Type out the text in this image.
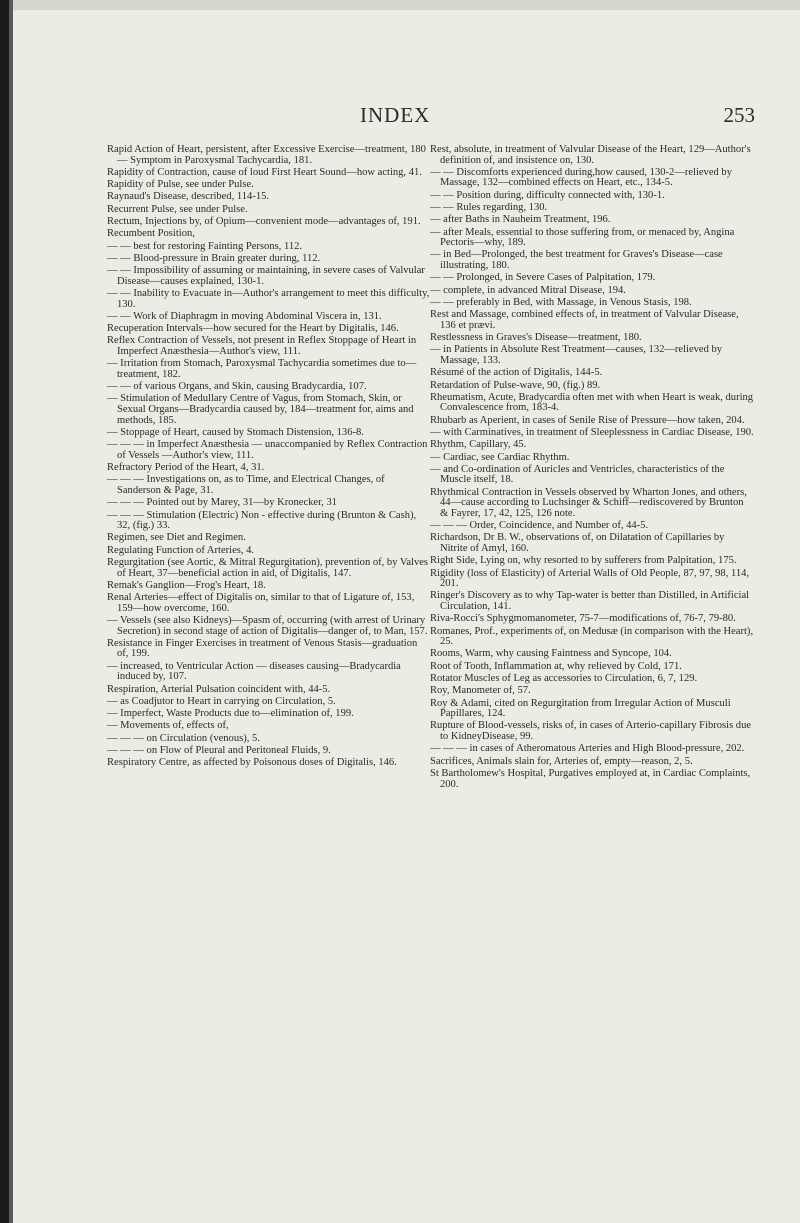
INDEX	253

Rapid Action of Heart, persistent, after Excessive Exercise—treatment, 180 — Symptom in Paroxysmal Tachycardia, 181.

Rapidity of Contraction, cause of loud First Heart Sound—how acting, 41.

Rapidity of Pulse, see under Pulse.

Raynaud's Disease, described, 114-15.

Recurrent Pulse, see under Pulse.

Rectum, Injections by, of Opium—convenient mode—advantages of, 191.

Recumbent Position,

— — best for restoring Fainting Persons, 112.

— — Blood-pressure in Brain greater during, 112.

— — Impossibility of assuming or maintaining, in severe cases of Valvular Disease—causes explained, 130-1.

— — Inability to Evacuate in—Author's arrangement to meet this difficulty, 130.

— — Work of Diaphragm in moving Abdominal Viscera in, 131.

Recuperation Intervals—how secured for the Heart by Digitalis, 146.

Reflex Contraction of Vessels, not present in Reflex Stoppage of Heart in Imperfect Anæsthesia—Author's view, 111.

— Irritation from Stomach, Paroxysmal Tachycardia sometimes due to—treatment, 182.

— — of various Organs, and Skin, causing Bradycardia, 107.

— Stimulation of Medullary Centre of Vagus, from Stomach, Skin, or Sexual Organs—Bradycardia caused by, 184—treatment for, aims and methods, 185.

— Stoppage of Heart, caused by Stomach Distension, 136-8.

— — — in Imperfect Anæsthesia — unaccompanied by Reflex Contraction of Vessels —Author's view, 111.

Refractory Period of the Heart, 4, 31.

— — — Investigations on, as to Time, and Electrical Changes, of Sanderson & Page, 31.

— — — Pointed out by Marey, 31—by Kronecker, 31

— — — Stimulation (Electric) Non - effective during (Brunton & Cash), 32, (fig.) 33.

Regimen, see Diet and Regimen.

Regulating Function of Arteries, 4.

Regurgitation (see Aortic, & Mitral Regurgitation), prevention of, by Valves of Heart, 37—beneficial action in aid, of Digitalis, 147.

Remak's Ganglion—Frog's Heart, 18.

Renal Arteries—effect of Digitalis on, similar to that of Ligature of, 153, 159—how overcome, 160.

— Vessels (see also Kidneys)—Spasm of, occurring (with arrest of Urinary Secretion) in second stage of action of Digitalis—danger of, to Man, 157.

Resistance in Finger Exercises in treatment of Venous Stasis—graduation of, 199.

— increased, to Ventricular Action — diseases causing—Bradycardia induced by, 107.

Respiration, Arterial Pulsation coincident with, 44-5.

— as Coadjutor to Heart in carrying on Circulation, 5.

— Imperfect, Waste Products due to—elimination of, 199.

— Movements of, effects of,

— — — on Circulation (venous), 5.

— — — on Flow of Pleural and Peritoneal Fluids, 9.

Respiratory Centre, as affected by Poisonous doses of Digitalis, 146.

Rest, absolute, in treatment of Valvular Disease of the Heart, 129—Author's definition of, and insistence on, 130.

— — Discomforts experienced during,how caused, 130-2—relieved by Massage, 132—combined effects on Heart, etc., 134-5.

— — Position during, difficulty connected with, 130-1.

— — Rules regarding, 130.

— after Baths in Nauheim Treatment, 196.

— after Meals, essential to those suffering from, or menaced by, Angina Pectoris—why, 189.

— in Bed—Prolonged, the best treatment for Graves's Disease—case illustrating, 180.

— — Prolonged, in Severe Cases of Palpitation, 179.

— complete, in advanced Mitral Disease, 194.

— — preferably in Bed, with Massage, in Venous Stasis, 198.

Rest and Massage, combined effects of, in treatment of Valvular Disease, 136 et prævi.

Restlessness in Graves's Disease—treatment, 180.

— in Patients in Absolute Rest Treatment—causes, 132—relieved by Massage, 133.

Résumé of the action of Digitalis, 144-5.

Retardation of Pulse-wave, 90, (fig.) 89.

Rheumatism, Acute, Bradycardia often met with when Heart is weak, during Convalescence from, 183-4.

Rhubarb as Aperient, in cases of Senile Rise of Pressure—how taken, 204.

— with Carminatives, in treatment of Sleeplessness in Cardiac Disease, 190.

Rhythm, Capillary, 45.

— Cardiac, see Cardiac Rhythm.

— and Co-ordination of Auricles and Ventricles, characteristics of the Muscle itself, 18.

Rhythmical Contraction in Vessels observed by Wharton Jones, and others, 44—cause according to Luchsinger & Schiff—rediscovered by Brunton & Fayrer, 17, 42, 125, 126 note.

— — — Order, Coincidence, and Number of, 44-5.

Richardson, Dr B. W., observations of, on Dilatation of Capillaries by Nitrite of Amyl, 160.

Right Side, Lying on, why resorted to by sufferers from Palpitation, 175.

Rigidity (loss of Elasticity) of Arterial Walls of Old People, 87, 97, 98, 114, 201.

Ringer's Discovery as to why Tap-water is better than Distilled, in Artificial Circulation, 141.

Riva-Rocci's Sphygmomanometer, 75-7—modifications of, 76-7, 79-80.

Romanes, Prof., experiments of, on Medusæ (in comparison with the Heart), 25.

Rooms, Warm, why causing Faintness and Syncope, 104.

Root of Tooth, Inflammation at, why relieved by Cold, 171.

Rotator Muscles of Leg as accessories to Circulation, 6, 7, 129.

Roy, Manometer of, 57.

Roy & Adami, cited on Regurgitation from Irregular Action of Musculi Papillares, 124.

Rupture of Blood-vessels, risks of, in cases of Arterio-capillary Fibrosis due to KidneyDisease, 99.

— — — in cases of Atheromatous Arteries and High Blood-pressure, 202.

Sacrifices, Animals slain for, Arteries of, empty—reason, 2, 5.

St Bartholomew's Hospital, Purgatives employed at, in Cardiac Complaints, 200.
